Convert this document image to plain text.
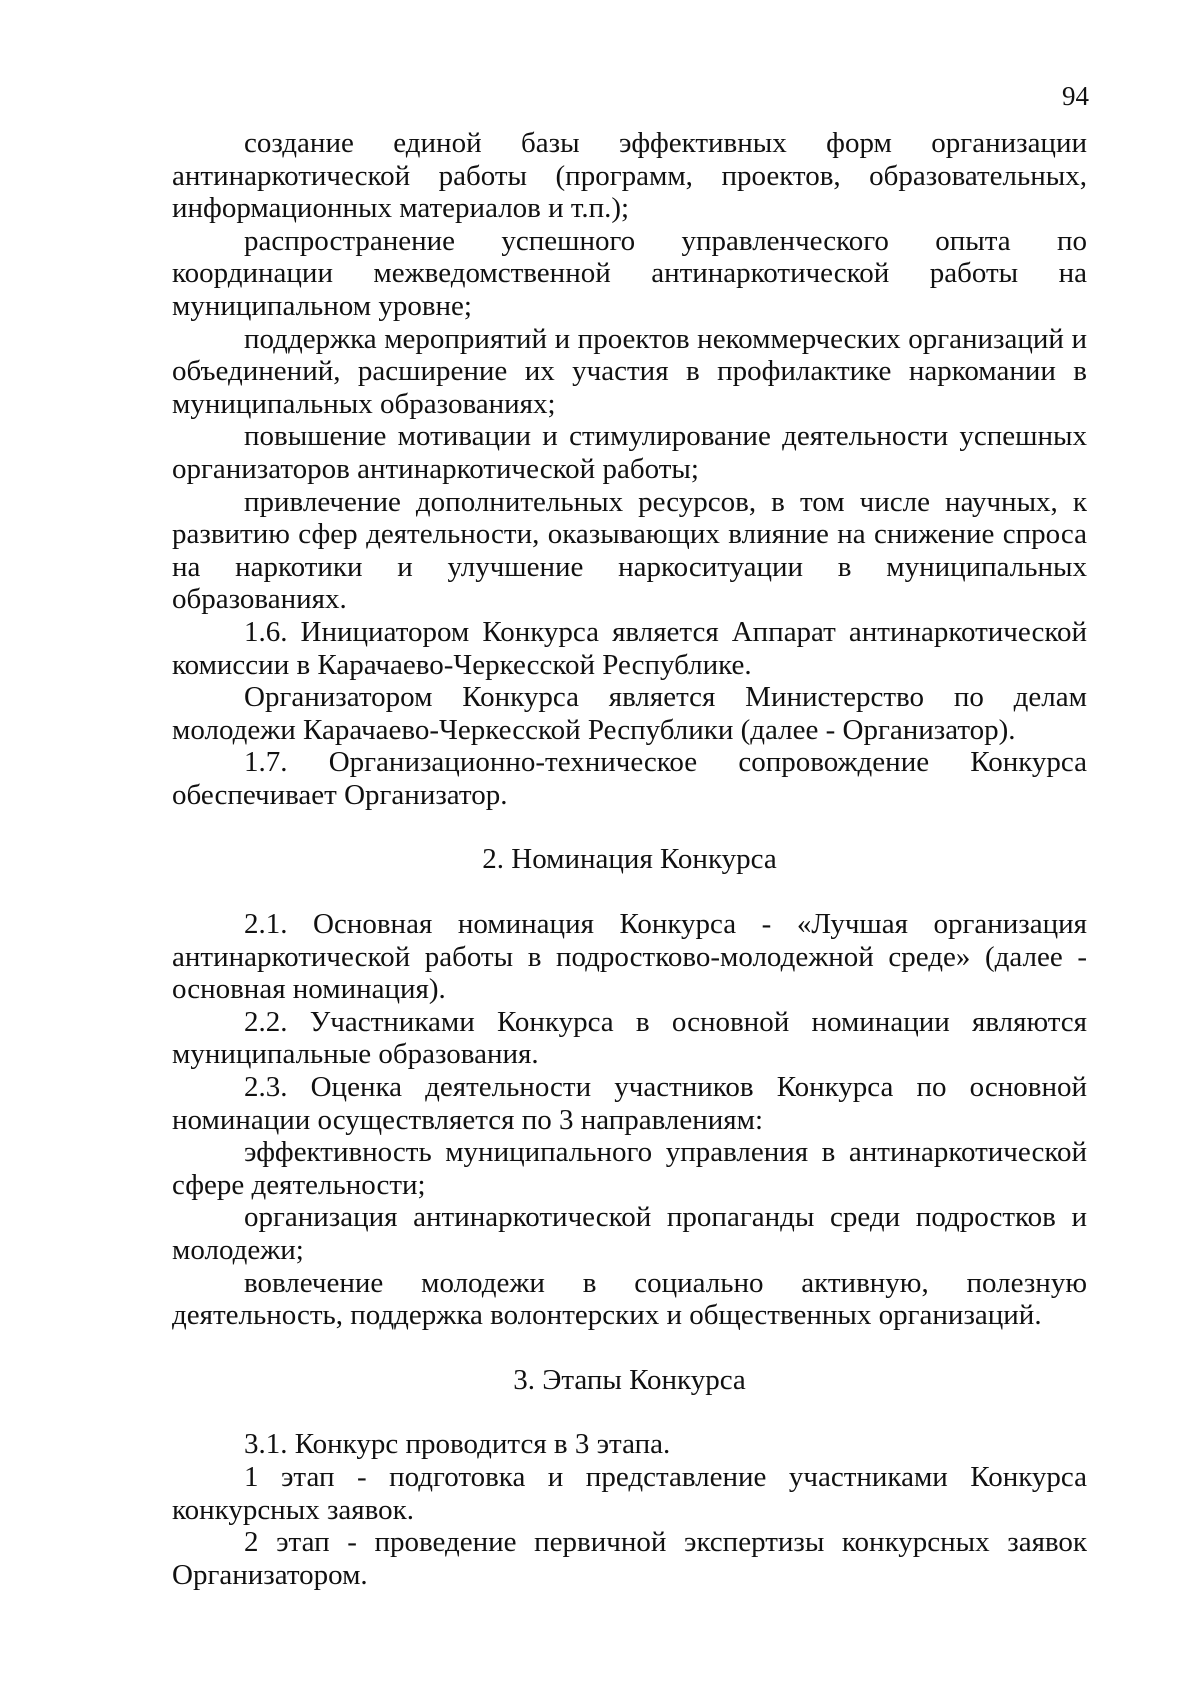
94

создание единой базы эффективных форм организации антинаркотической работы (программ, проектов, образовательных, информационных материалов и т.п.);

распространение успешного управленческого опыта по координации межведомственной антинаркотической работы на муниципальном уровне;

поддержка мероприятий и проектов некоммерческих организаций и объединений, расширение их участия в профилактике наркомании в муниципальных образованиях;

повышение мотивации и стимулирование деятельности успешных организаторов антинаркотической работы;

привлечение дополнительных ресурсов, в том числе научных, к развитию сфер деятельности, оказывающих влияние на снижение спроса на наркотики и улучшение наркоситуации в муниципальных образованиях.

1.6. Инициатором Конкурса является Аппарат антинаркотической комиссии в Карачаево-Черкесской Республике.

Организатором Конкурса является Министерство по делам молодежи Карачаево-Черкесской Республики (далее - Организатор).

1.7. Организационно-техническое сопровождение Конкурса обеспечивает Организатор.

2. Номинация Конкурса

2.1. Основная номинация Конкурса - «Лучшая организация антинаркотической работы в подростково-молодежной среде» (далее - основная номинация).

2.2. Участниками Конкурса в основной номинации являются муниципальные образования.

2.3. Оценка деятельности участников Конкурса по основной номинации осуществляется по 3 направлениям:

эффективность муниципального управления в антинаркотической сфере деятельности;

организация антинаркотической пропаганды среди подростков и молодежи;

вовлечение молодежи в социально активную, полезную деятельность, поддержка волонтерских и общественных организаций.

3. Этапы Конкурса

3.1. Конкурс проводится в 3 этапа.

1 этап - подготовка и представление участниками Конкурса конкурсных заявок.

2 этап - проведение первичной экспертизы конкурсных заявок Организатором.
